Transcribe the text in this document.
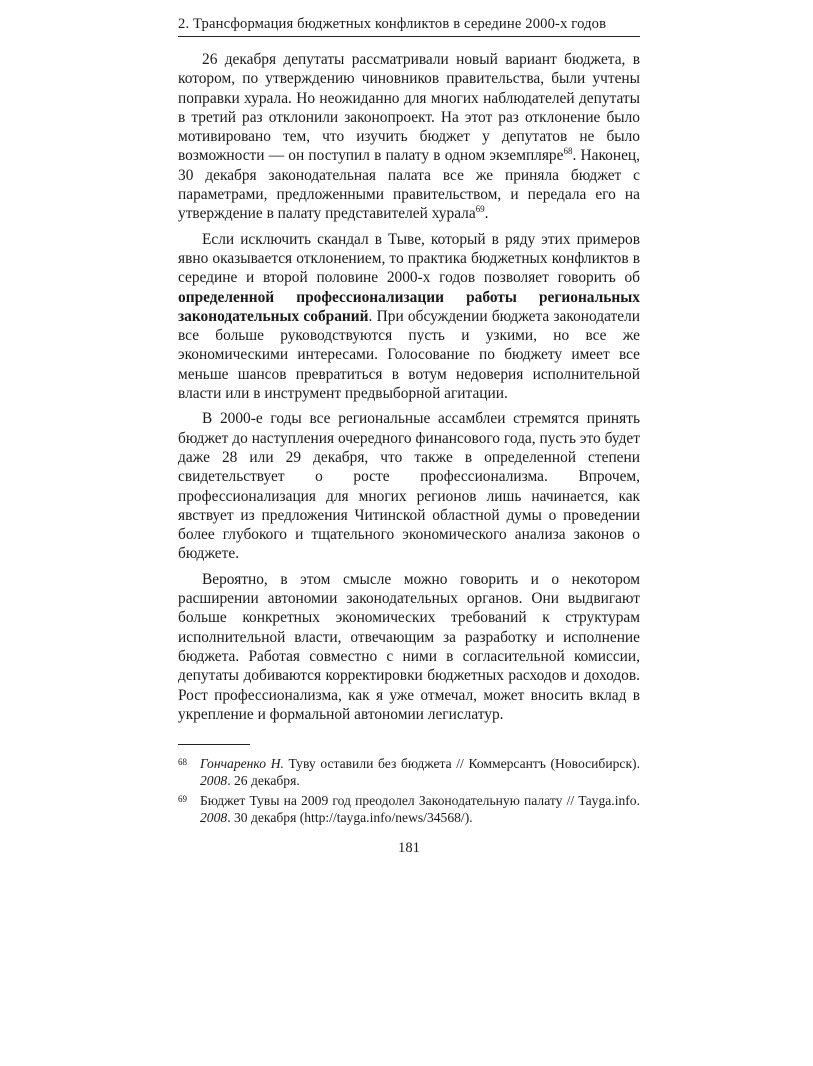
2. Трансформация бюджетных конфликтов в середине 2000-х годов

26 декабря депутаты рассматривали новый вариант бюджета, в котором, по утверждению чиновников правительства, были учтены поправки хурала. Но неожиданно для многих наблюдателей депутаты в третий раз отклонили законопроект. На этот раз отклонение было мотивировано тем, что изучить бюджет у депутатов не было возможности — он поступил в палату в одном экземпляре$^{68}$. Наконец, 30 декабря законодательная палата все же приняла бюджет с параметрами, предложенными правительством, и передала его на утверждение в палату представителей хурала$^{69}$.

Если исключить скандал в Тыве, который в ряду этих примеров явно оказывается отклонением, то практика бюджетных конфликтов в середине и второй половине 2000-х годов позволяет говорить об определенной профессионализации работы региональных законодательных собраний. При обсуждении бюджета законодатели все больше руководствуются пусть и узкими, но все же экономическими интересами. Голосование по бюджету имеет все меньше шансов превратиться в вотум недоверия исполнительной власти или в инструмент предвыборной агитации.

В 2000-е годы все региональные ассамблеи стремятся принять бюджет до наступления очередного финансового года, пусть это будет даже 28 или 29 декабря, что также в определенной степени свидетельствует о росте профессионализма. Впрочем, профессионализация для многих регионов лишь начинается, как явствует из предложения Читинской областной думы о проведении более глубокого и тщательного экономического анализа законов о бюджете.

Вероятно, в этом смысле можно говорить и о некотором расширении автономии законодательных органов. Они выдвигают больше конкретных экономических требований к структурам исполнительной власти, отвечающим за разработку и исполнение бюджета. Работая совместно с ними в согласительной комиссии, депутаты добиваются корректировки бюджетных расходов и доходов. Рост профессионализма, как я уже отмечал, может вносить вклад в укрепление и формальной автономии легислатур.

68 Гончаренко Н. Туву оставили без бюджета // Коммерсантъ (Новосибирск). 2008. 26 декабря.
69 Бюджет Тувы на 2009 год преодолел Законодательную палату // Tayga.info. 2008. 30 декабря (http://tayga.info/news/34568/).
181
